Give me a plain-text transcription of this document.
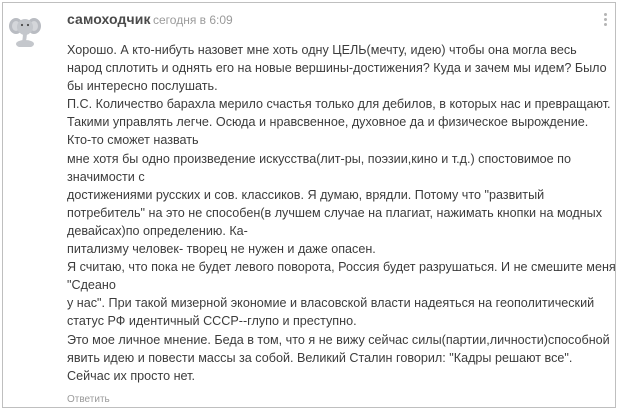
самоходчик сегодня в 6:09
Хорошо. А кто-нибуть назовет мне хоть одну ЦЕЛЬ(мечту, идею) чтобы она могла весь
народ сплотить и однять его на новые вершины-достижения? Куда и зачем мы идем? Было
бы интересно послушать.
П.С. Количество барахла мерило счастья только для дебилов, в которых нас и превращают.
Такими управлять легче. Осюда и нравсвенное, духовное да и физическое вырождение.
Кто-то сможет назвать
мне хотя бы одно произведение искусства(лит-ры, поэзии,кино и т.д.) спостовимое по
значимости с
достижениями русских и сов. классиков. Я думаю, врядли. Потому что "развитый
потребитель" на это не способен(в лучшем случае на плагиат, нажимать кнопки на модных
девайсах)по определению. Ка-
питализму человек- творец не нужен и даже опасен.
Я считаю, что пока не будет левого поворота, Россия будет разрушаться. И не смешите меня
"Сдеано
у нас". При такой мизерной экономие и власовской власти надеяться на геополитический
статус РФ идентичный СССР--глупо и преступно.
Это мое личное мнение. Беда в том, что я не вижу сейчас силы(партии,личности)способной
явить идею и повести массы за собой. Великий Сталин говорил: "Кадры решают все".
Сейчас их просто нет.
Ответить
